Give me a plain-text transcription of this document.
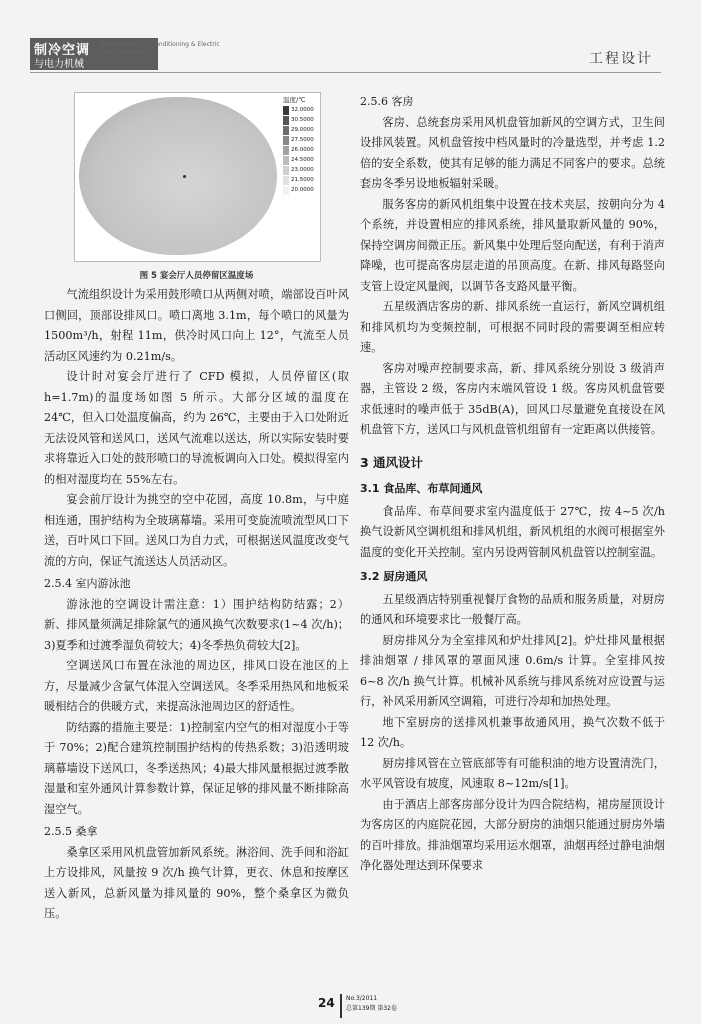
制冷空调
与电力机械
Refrigeration Air Conditioning & Electric Power Machinery	工程设计
温度/℃
32.0000
30.5000
29.0000
27.5000
26.0000
24.5000
23.0000
21.5000
20.0000
图 5 宴会厅人员停留区温度场

气流组织设计为采用鼓形喷口从两侧对喷，端部设百叶风口侧回，顶部设排风口。喷口离地 3.1m，每个喷口的风量为 1500m³/h，射程 11m，供冷时风口向上 12°，气流至人员活动区风速约为 0.21m/s。

设计时对宴会厅进行了 CFD 模拟，人员停留区(取 h=1.7m)的温度场如图 5 所示。大部分区域的温度在 24℃，但入口处温度偏高，约为 26℃，主要由于入口处附近无法设风管和送风口，送风气流难以送达，所以实际安装时要求将靠近入口处的鼓形喷口的导流板调向入口处。模拟得室内的相对湿度均在 55%左右。

宴会前厅设计为挑空的空中花园，高度 10.8m，与中庭相连通，围护结构为全玻璃幕墙。采用可变旋流喷流型风口下送，百叶风口下回。送风口为自力式，可根据送风温度改变气流的方向，保证气流送达人员活动区。

2.5.4 室内游泳池

游泳池的空调设计需注意：1）围护结构防结露；2）新、排风量须满足排除氯气的通风换气次数要求(1~4 次/h)；3)夏季和过渡季湿负荷较大；4)冬季热负荷较大[2]。

空调送风口布置在泳池的周边区，排风口设在池区的上方，尽量减少含氯气体混入空调送风。冬季采用热风和地板采暖相结合的供暖方式，来提高泳池周边区的舒适性。

防结露的措施主要是：1)控制室内空气的相对湿度小于等于 70%；2)配合建筑控制围护结构的传热系数；3)沿透明玻璃幕墙设下送风口，冬季送热风；4)最大排风量根据过渡季散湿量和室外通风计算参数计算，保证足够的排风量不断排除高湿空气。

2.5.5 桑拿

桑拿区采用风机盘管加新风系统。淋浴间、洗手间和浴缸上方设排风，风量按 9 次/h 换气计算，更衣、休息和按摩区送入新风，总新风量为排风量的 90%，整个桑拿区为微负压。

2.5.6 客房

客房、总统套房采用风机盘管加新风的空调方式，卫生间设排风装置。风机盘管按中档风量时的冷量选型，并考虑 1.2 倍的安全系数，使其有足够的能力满足不同客户的要求。总统套房冬季另设地板辐射采暖。

服务客房的新风机组集中设置在技术夹层，按朝向分为 4 个系统，并设置相应的排风系统，排风量取新风量的 90%，保持空调房间微正压。新风集中处理后竖向配送，有利于消声降噪，也可提高客房层走道的吊顶高度。在新、排风每路竖向支管上设定风量阀，以调节各支路风量平衡。

五星级酒店客房的新、排风系统一直运行，新风空调机组和排风机均为变频控制，可根据不同时段的需要调至相应转速。

客房对噪声控制要求高，新、排风系统分别设 3 级消声器，主管设 2 级，客房内末端风管设 1 级。客房风机盘管要求低速时的噪声低于 35dB(A)，回风口尽量避免直接设在风机盘管下方，送风口与风机盘管机组留有一定距离以供接管。

3 通风设计
3.1 食品库、布草间通风

食品库、布草间要求室内温度低于 27℃，按 4~5 次/h 换气设新风空调机组和排风机组，新风机组的水阀可根据室外温度的变化开关控制。室内另设两管制风机盘管以控制室温。

3.2 厨房通风

五星级酒店特别重视餐厅食物的品质和服务质量，对厨房的通风和环境要求比一般餐厅高。

厨房排风分为全室排风和炉灶排风[2]。炉灶排风量根据排油烟罩 / 排风罩的罩面风速 0.6m/s 计算。全室排风按 6~8 次/h 换气计算。机械补风系统与排风系统对应设置与运行，补风采用新风空调箱，可进行冷却和加热处理。

地下室厨房的送排风机兼事故通风用，换气次数不低于 12 次/h。

厨房排风管在立管底部等有可能积油的地方设置清洗门，水平风管设有坡度，风速取 8~12m/s[1]。

由于酒店上部客房部分设计为四合院结构，裙房屋顶设计为客房区的内庭院花园，大部分厨房的油烟只能通过厨房外墙的百叶排放。排油烟罩均采用运水烟罩，油烟再经过静电油烟净化器处理达到环保要求

24 No.3/2011
总第139期 第32卷
